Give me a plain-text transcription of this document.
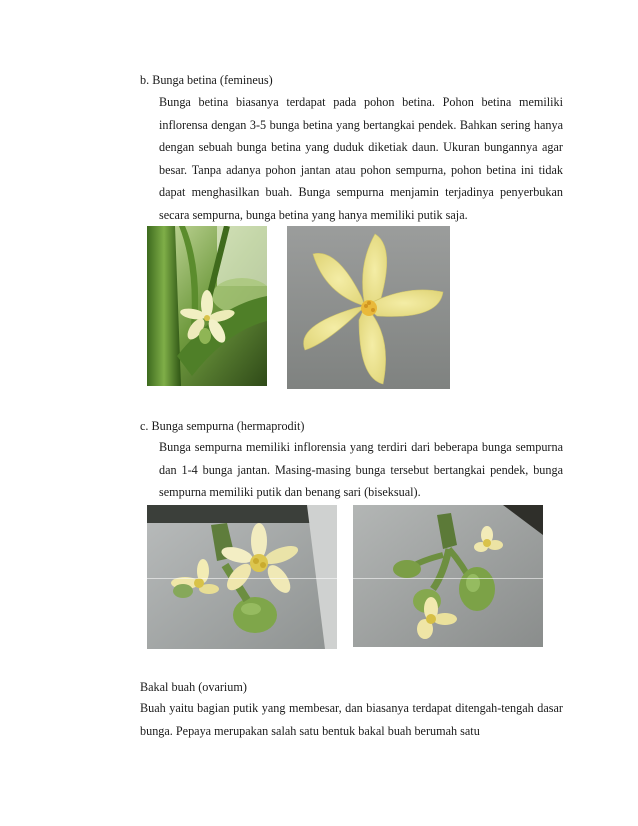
b. Bunga betina (femineus)
Bunga betina biasanya terdapat pada pohon betina. Pohon betina memiliki inflorensa dengan 3-5 bunga betina yang bertangkai pendek. Bahkan sering hanya dengan sebuah bunga betina yang duduk diketiak daun. Ukuran bungannya agar besar. Tanpa adanya pohon jantan atau pohon sempurna, pohon betina ini tidak dapat menghasilkan buah. Bunga sempurna menjamin terjadinya penyerbukan secara sempurna, bunga betina yang hanya memiliki putik saja.
c. Bunga sempurna (hermaprodit)
Bunga sempurna memiliki inflorensia yang terdiri dari beberapa bunga sempurna dan 1-4 bunga jantan. Masing-masing bunga tersebut bertangkai pendek, bunga sempurna memiliki putik dan benang sari (biseksual).
Bakal buah (ovarium)
Buah yaitu bagian putik yang membesar, dan biasanya terdapat ditengah-tengah dasar bunga. Pepaya merupakan salah satu bentuk bakal buah berumah satu
